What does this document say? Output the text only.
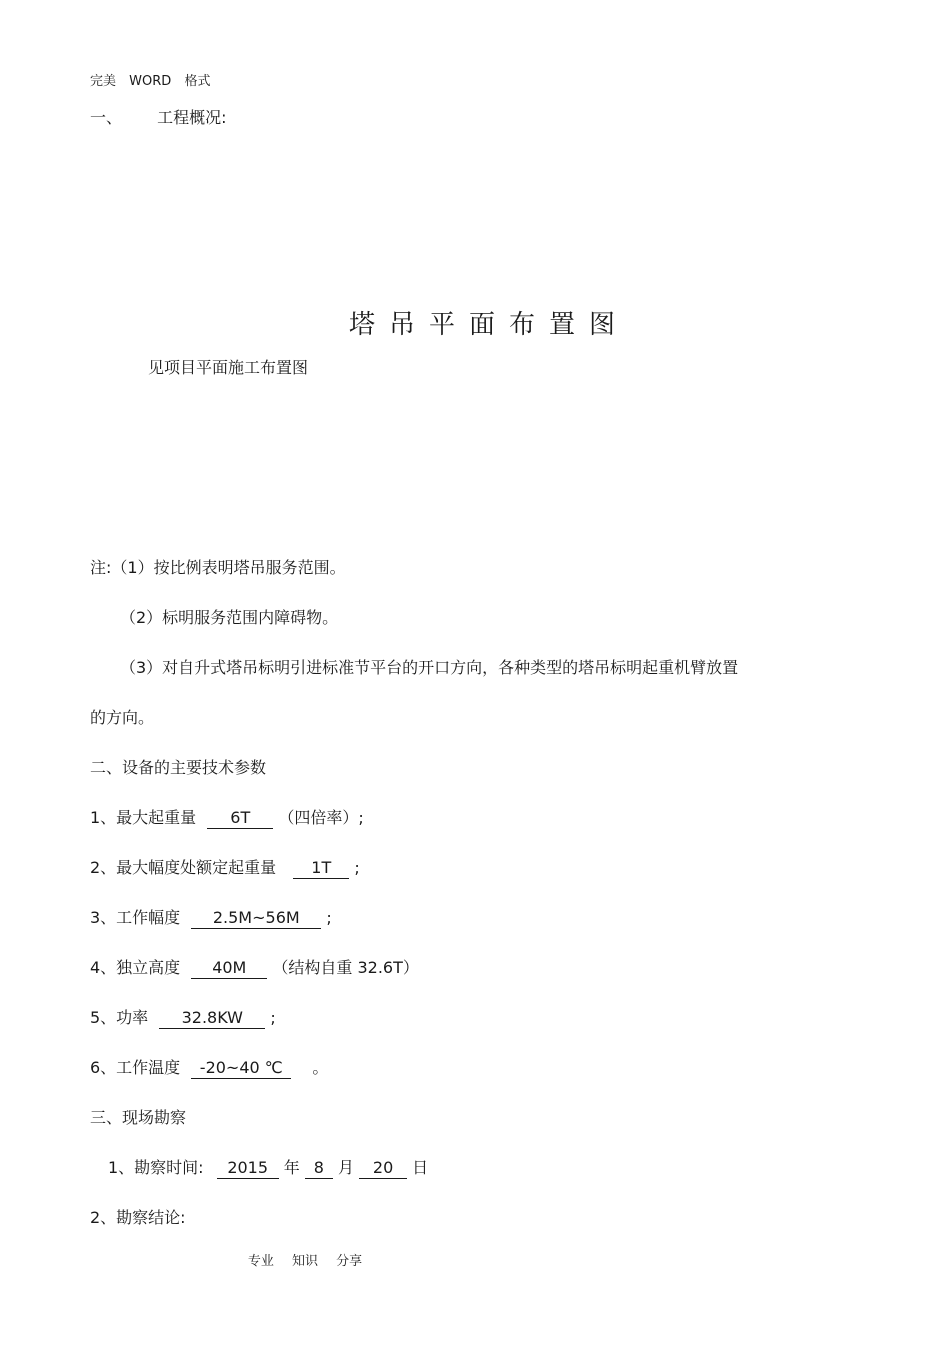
完美 WORD 格式
一、 工程概况:
塔吊平面布置图
见项目平面施工布置图
注:（1）按比例表明塔吊服务范围。
（2）标明服务范围内障碍物。
（3）对自升式塔吊标明引进标准节平台的开口方向，各种类型的塔吊标明起重机臂放置
的方向。
二、设备的主要技术参数
1、最大起重量 6T （四倍率）;
2、最大幅度处额定起重量 1T ;
3、工作幅度 2.5M~56M ;
4、独立高度 40M （结构自重 32.6T）
5、功率 32.8KW ;
6、工作温度 -20~40 ℃ 。
三、现场勘察
1、勘察时间: 2015 年 8 月 20 日
2、勘察结论:
专业 知识 分享
